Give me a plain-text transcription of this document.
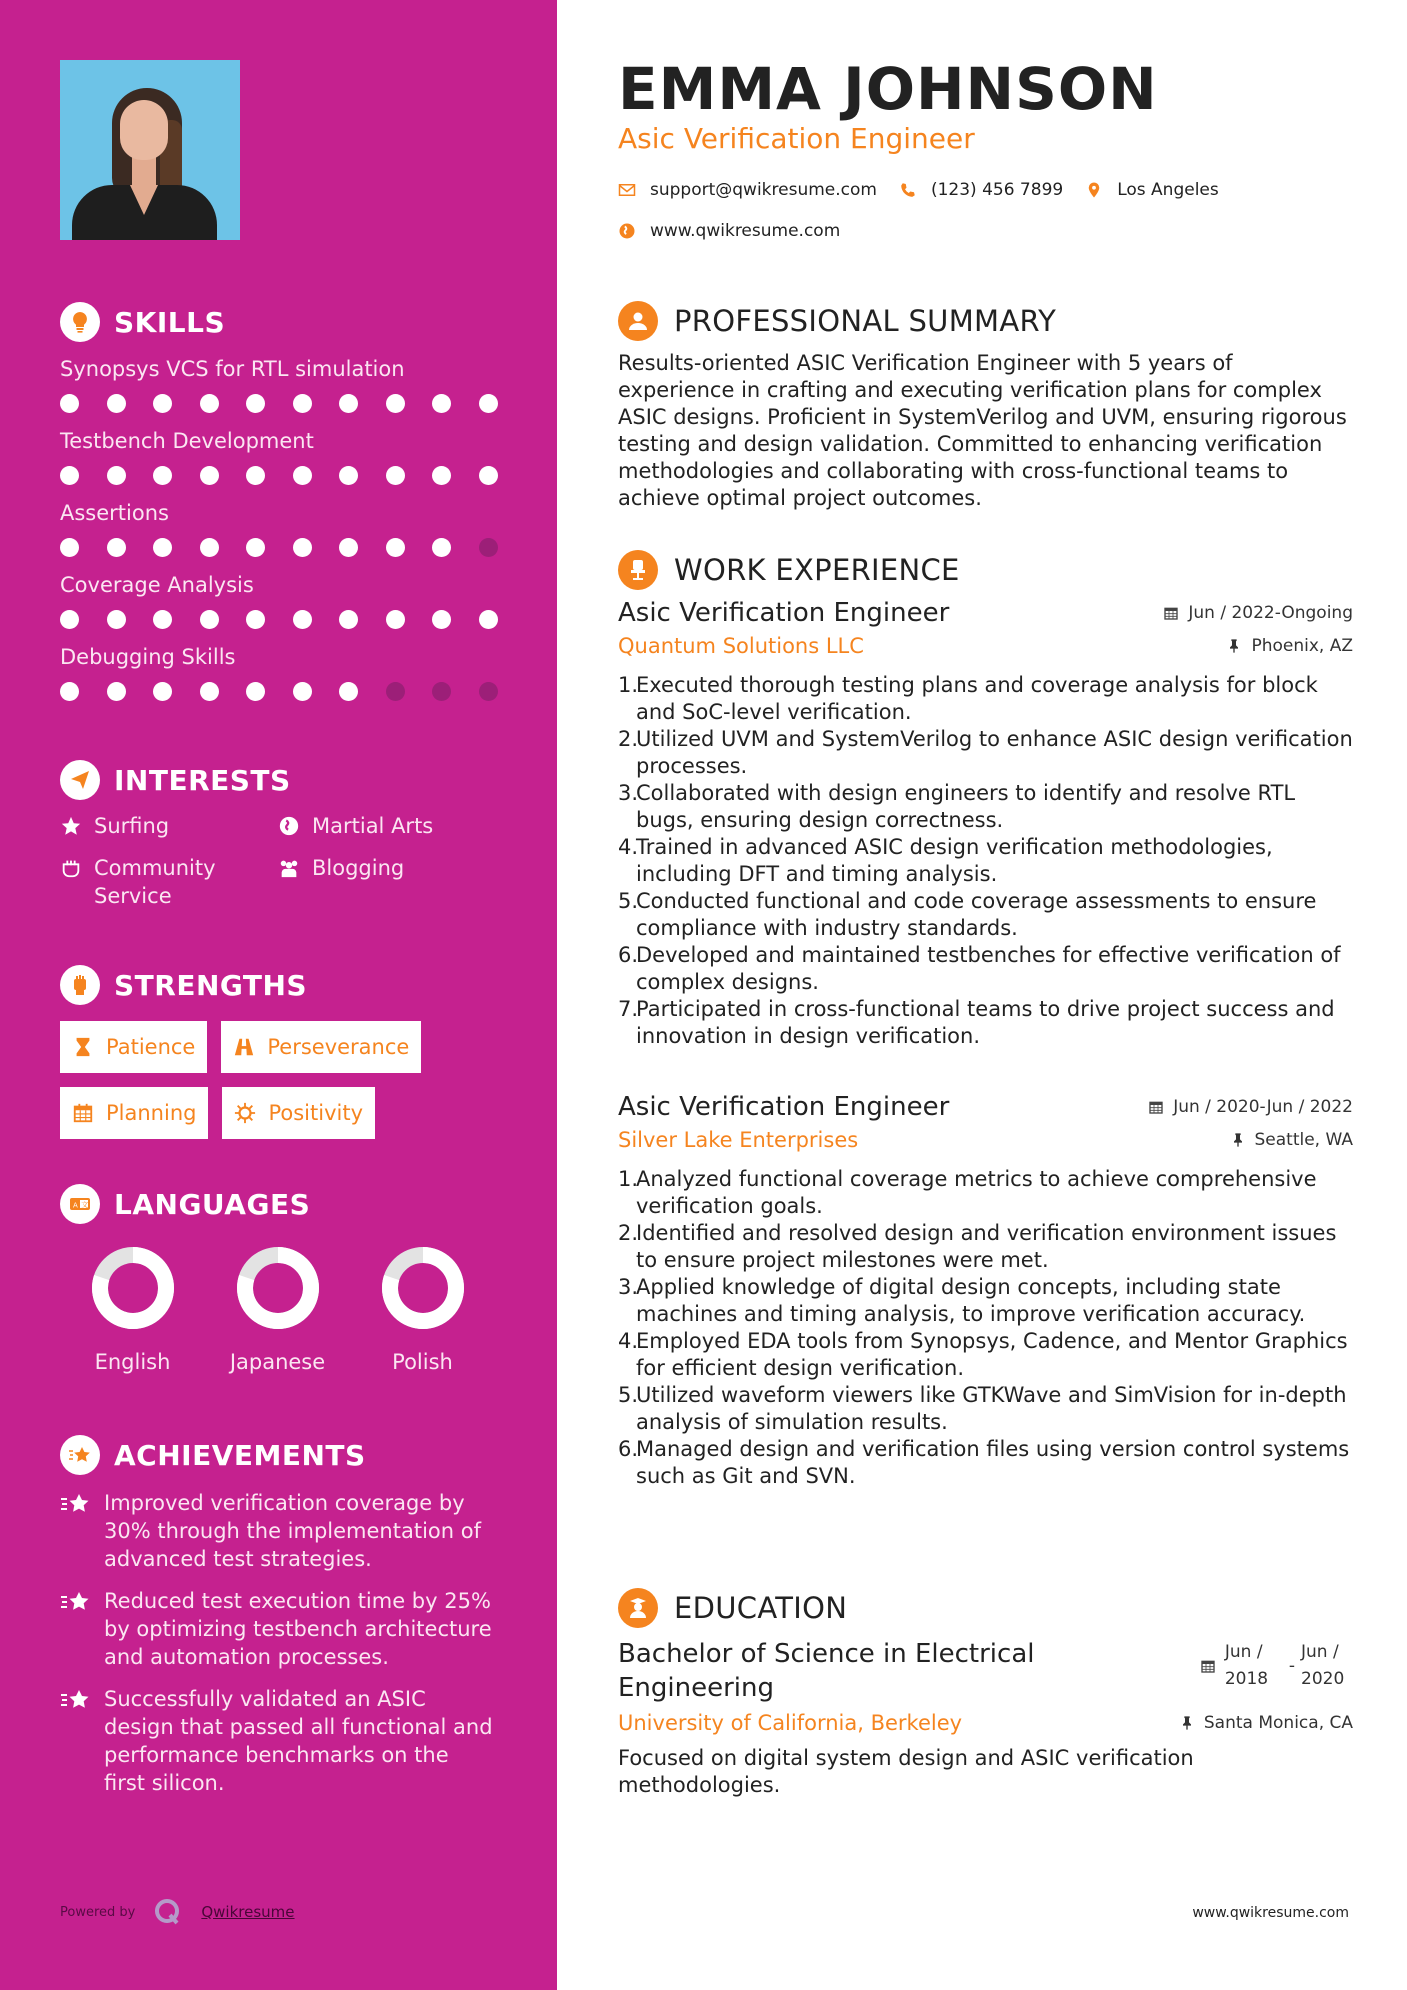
SKILLS
Synopsys VCS for RTL simulation
Testbench Development
Assertions
Coverage Analysis
Debugging Skills
INTERESTS
Surfing	Martial Arts
Community Service
Blogging
STRENGTHS
Patience	Perseverance
Planning	Positivity
A 文 LANGUAGES
English	Japanese	Polish
ACHIEVEMENTS
Improved verification coverage by 30% through the implementation of advanced test strategies.
Reduced test execution time by 25% by optimizing testbench architecture and automation processes.
Successfully validated an ASIC design that passed all functional and performance benchmarks on the first silicon.
Powered by	Qwikresume
EMMA JOHNSON
Asic Verification Engineer
support@qwikresume.com	(123) 456 7899	Los Angeles
www.qwikresume.com
PROFESSIONAL SUMMARY
Results-oriented ASIC Verification Engineer with 5 years of experience in crafting and executing verification plans for complex ASIC designs. Proficient in SystemVerilog and UVM, ensuring rigorous testing and design validation. Committed to enhancing verification methodologies and collaborating with cross-functional teams to achieve optimal project outcomes.
WORK EXPERIENCE
Asic Verification Engineer	Jun / 2022-Ongoing
Quantum Solutions LLC	Phoenix, AZ
1.
Executed thorough testing plans and coverage analysis for block and SoC-level verification.
2.
Utilized UVM and SystemVerilog to enhance ASIC design verification processes.
3.
Collaborated with design engineers to identify and resolve RTL bugs, ensuring design correctness.
4.
Trained in advanced ASIC design verification methodologies, including DFT and timing analysis.
5.
Conducted functional and code coverage assessments to ensure compliance with industry standards.
6.
Developed and maintained testbenches for effective verification of complex designs.
7.
Participated in cross-functional teams to drive project success and innovation in design verification.
Asic Verification Engineer	Jun / 2020-Jun / 2022
Silver Lake Enterprises	Seattle, WA
1.
Analyzed functional coverage metrics to achieve comprehensive verification goals.
2.
Identified and resolved design and verification environment issues to ensure project milestones were met.
3.
Applied knowledge of digital design concepts, including state machines and timing analysis, to improve verification accuracy.
4.
Employed EDA tools from Synopsys, Cadence, and Mentor Graphics for efficient design verification.
5.
Utilized waveform viewers like GTKWave and SimVision for in-depth analysis of simulation results.
6.
Managed design and verification files using version control systems such as Git and SVN.
EDUCATION
Bachelor of Science in Electrical Engineering
Jun / 2018
-
Jun / 2020
University of California, Berkeley	Santa Monica, CA
Focused on digital system design and ASIC verification methodologies.
www.qwikresume.com
